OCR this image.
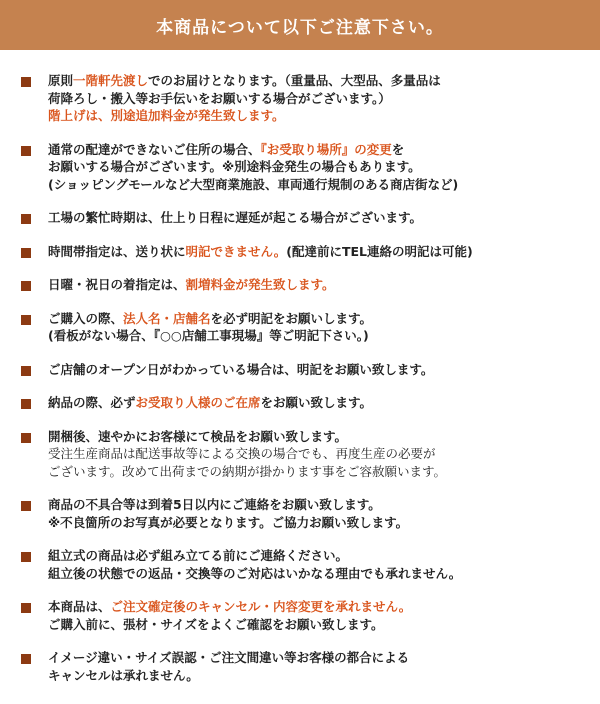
本商品について以下ご注意下さい。

原則一階軒先渡しでのお届けとなります。（重量品、大型品、多量品は

荷降ろし・搬入等お手伝いをお願いする場合がございます。）

階上げは、別途追加料金が発生致します。

通常の配達ができないご住所の場合、『お受取り場所』の変更を

お願いする場合がございます。※別途料金発生の場合もあります。

(ショッピングモールなど大型商業施設、車両通行規制のある商店街など)

工場の繁忙時期は、仕上り日程に遅延が起こる場合がございます。

時間帯指定は、送り状に明記できません。(配達前にTEL連絡の明記は可能)

日曜・祝日の着指定は、割増料金が発生致します。

ご購入の際、法人名・店舗名を必ず明記をお願いします。

(看板がない場合、『○○店舗工事現場』等ご明記下さい。)

ご店舗のオープン日がわかっている場合は、明記をお願い致します。

納品の際、必ずお受取り人様のご在席をお願い致します。

開梱後、速やかにお客様にて検品をお願い致します。

受注生産商品は配送事故等による交換の場合でも、再度生産の必要が

ございます。改めて出荷までの納期が掛かります事をご容赦願います。

商品の不具合等は到着5日以内にご連絡をお願い致します。

※不良箇所のお写真が必要となります。ご協力お願い致します。

組立式の商品は必ず組み立てる前にご連絡ください。

組立後の状態での返品・交換等のご対応はいかなる理由でも承れません。

本商品は、ご注文確定後のキャンセル・内容変更を承れません。

ご購入前に、張材・サイズをよくご確認をお願い致します。

イメージ違い・サイズ誤認・ご注文間違い等お客様の都合による

キャンセルは承れません。
